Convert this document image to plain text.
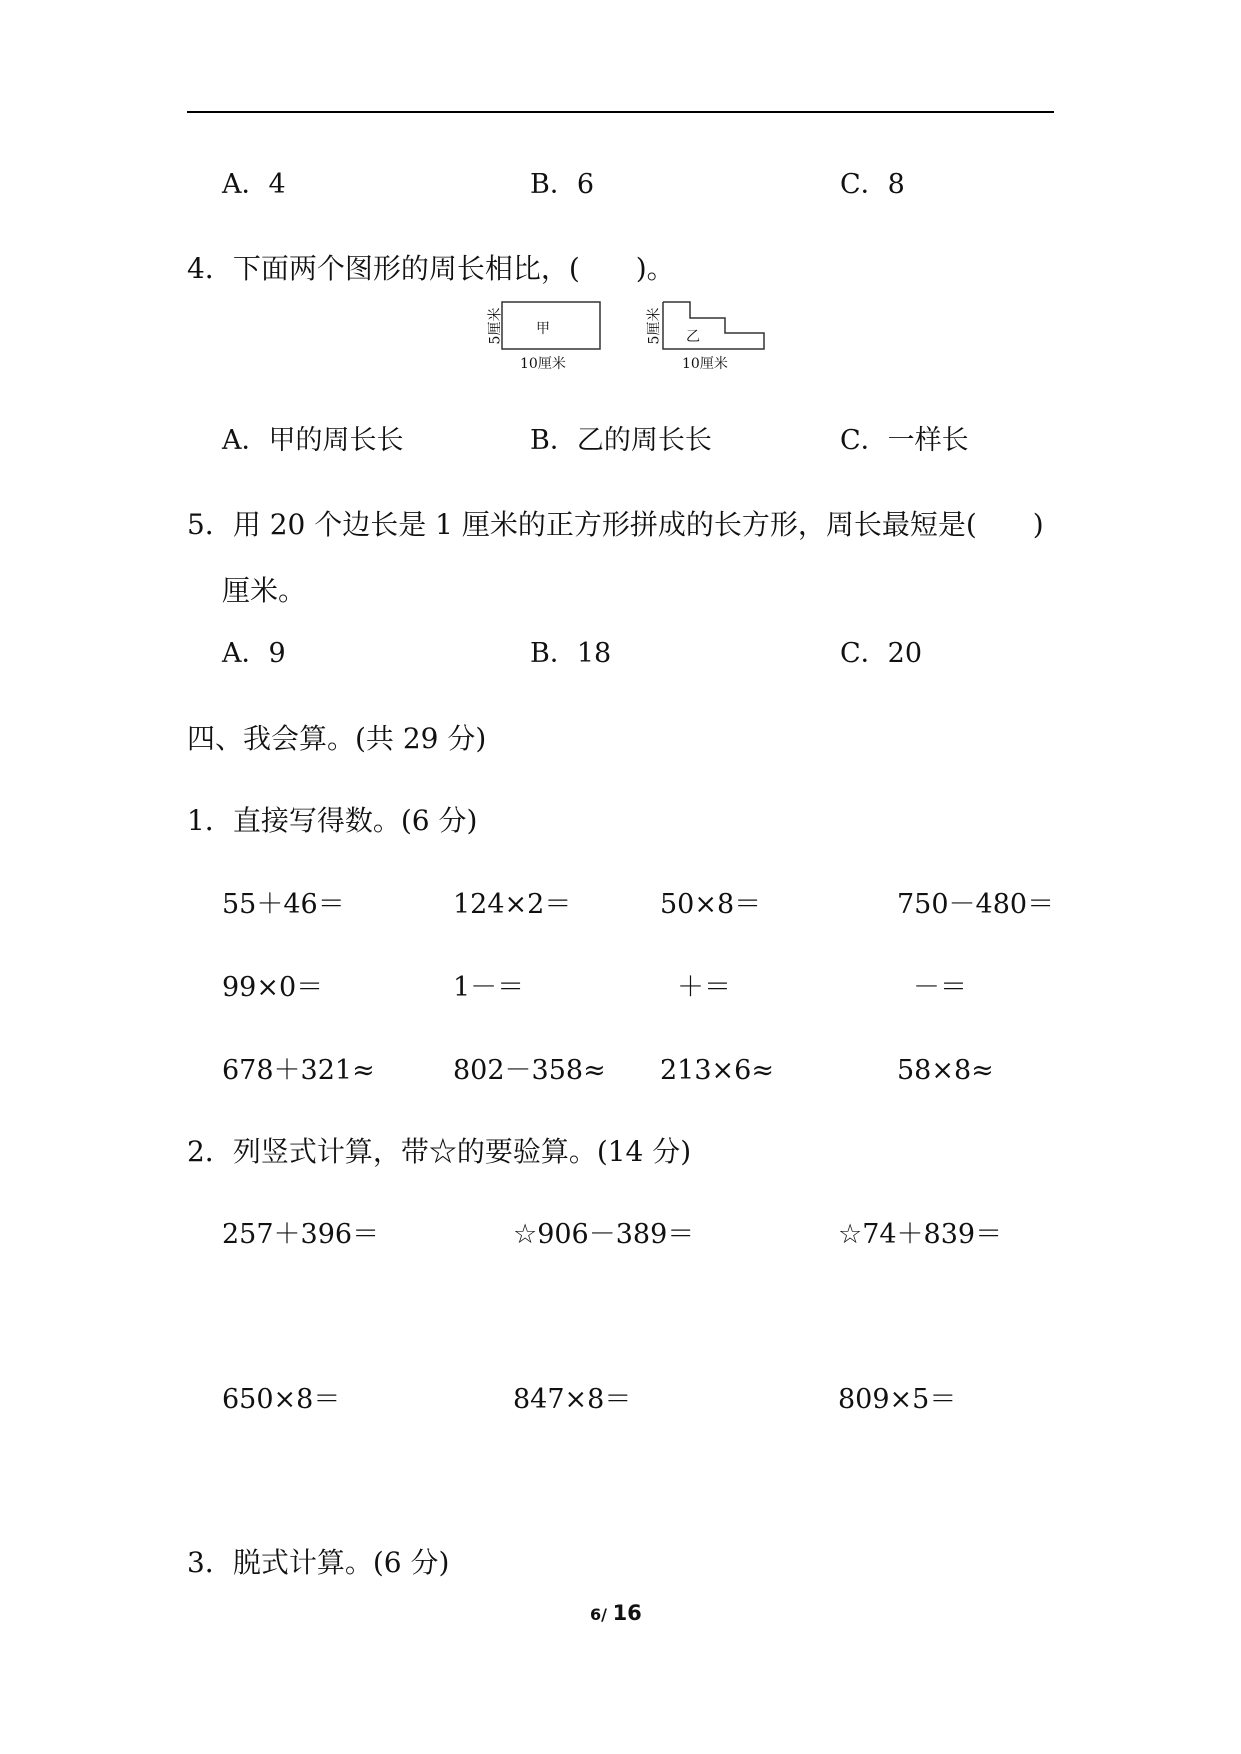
A．4	B．6	C．8
4．下面两个图形的周长相比，(　　)。
甲
5厘米
10厘米
乙
5厘米
10厘米
A．甲的周长长	B．乙的周长长	C．一样长
5．用 20 个边长是 1 厘米的正方形拼成的长方形，周长最短是(　　)
厘米。
A．9	B．18	C．20
四、我会算。(共 29 分)
1．直接写得数。(6 分)
55＋46＝	124×2＝	50×8＝	750－480＝
99×0＝	1－＝	＋＝	－＝
678＋321≈	802－358≈ 213×6≈	58×8≈
2．列竖式计算，带☆的要验算。(14 分)
257＋396＝	☆906－389＝	☆74＋839＝
650×8＝	847×8＝	809×5＝
3．脱式计算。(6 分)
6/ 16
